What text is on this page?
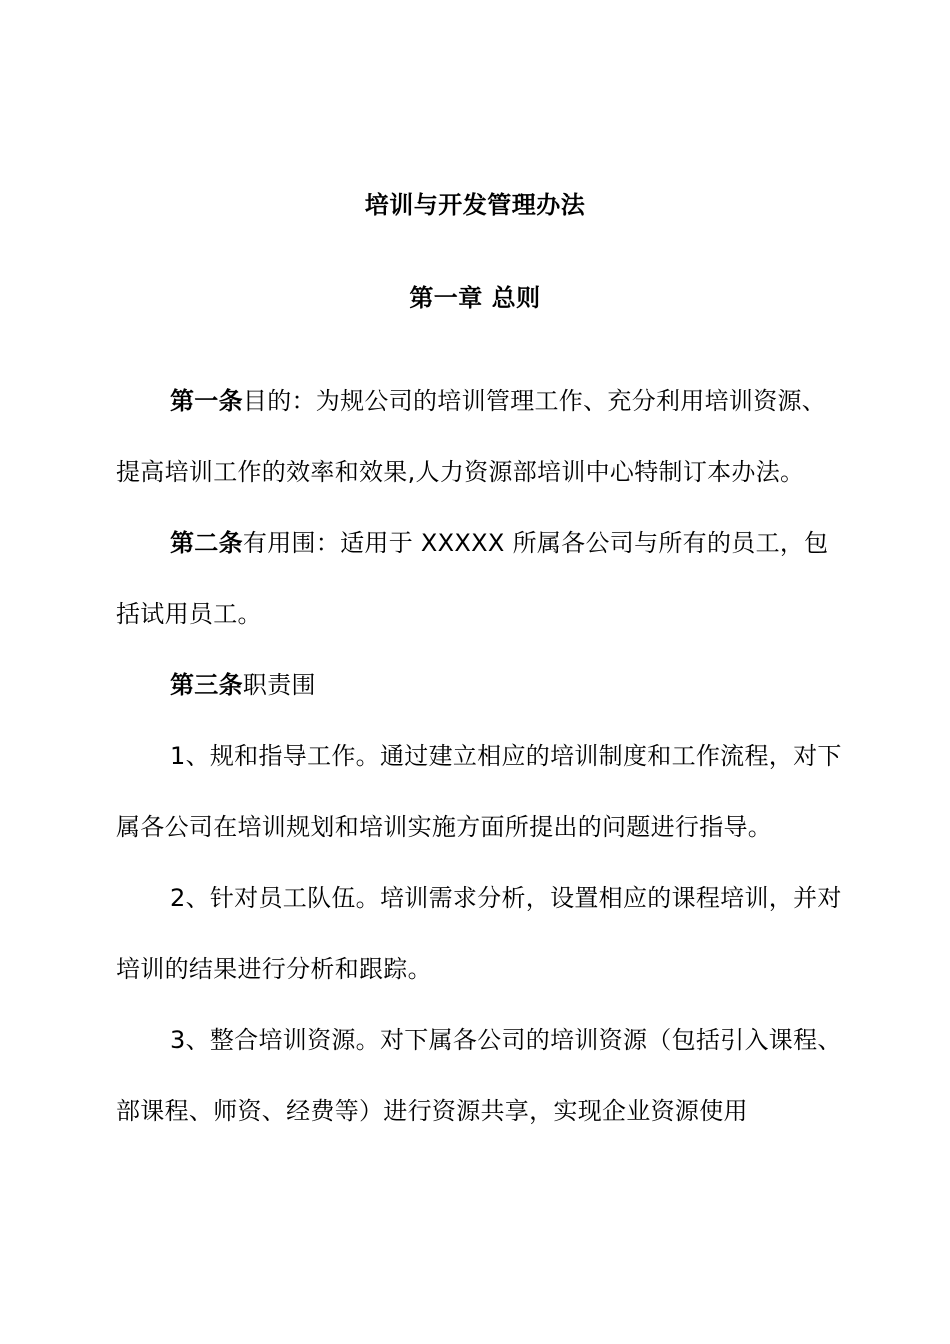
培训与开发管理办法
第一章 总则

第一条目的：为规公司的培训管理工作、充分利用培训资源、提高培训工作的效率和效果,人力资源部培训中心特制订本办法。

第二条有用围：适用于 XXXXX 所属各公司与所有的员工，包括试用员工。

第三条职责围

1、规和指导工作。通过建立相应的培训制度和工作流程，对下属各公司在培训规划和培训实施方面所提出的问题进行指导。

2、针对员工队伍。培训需求分析，设置相应的课程培训，并对培训的结果进行分析和跟踪。

3、整合培训资源。对下属各公司的培训资源（包括引入课程、部课程、师资、经费等）进行资源共享，实现企业资源使用
